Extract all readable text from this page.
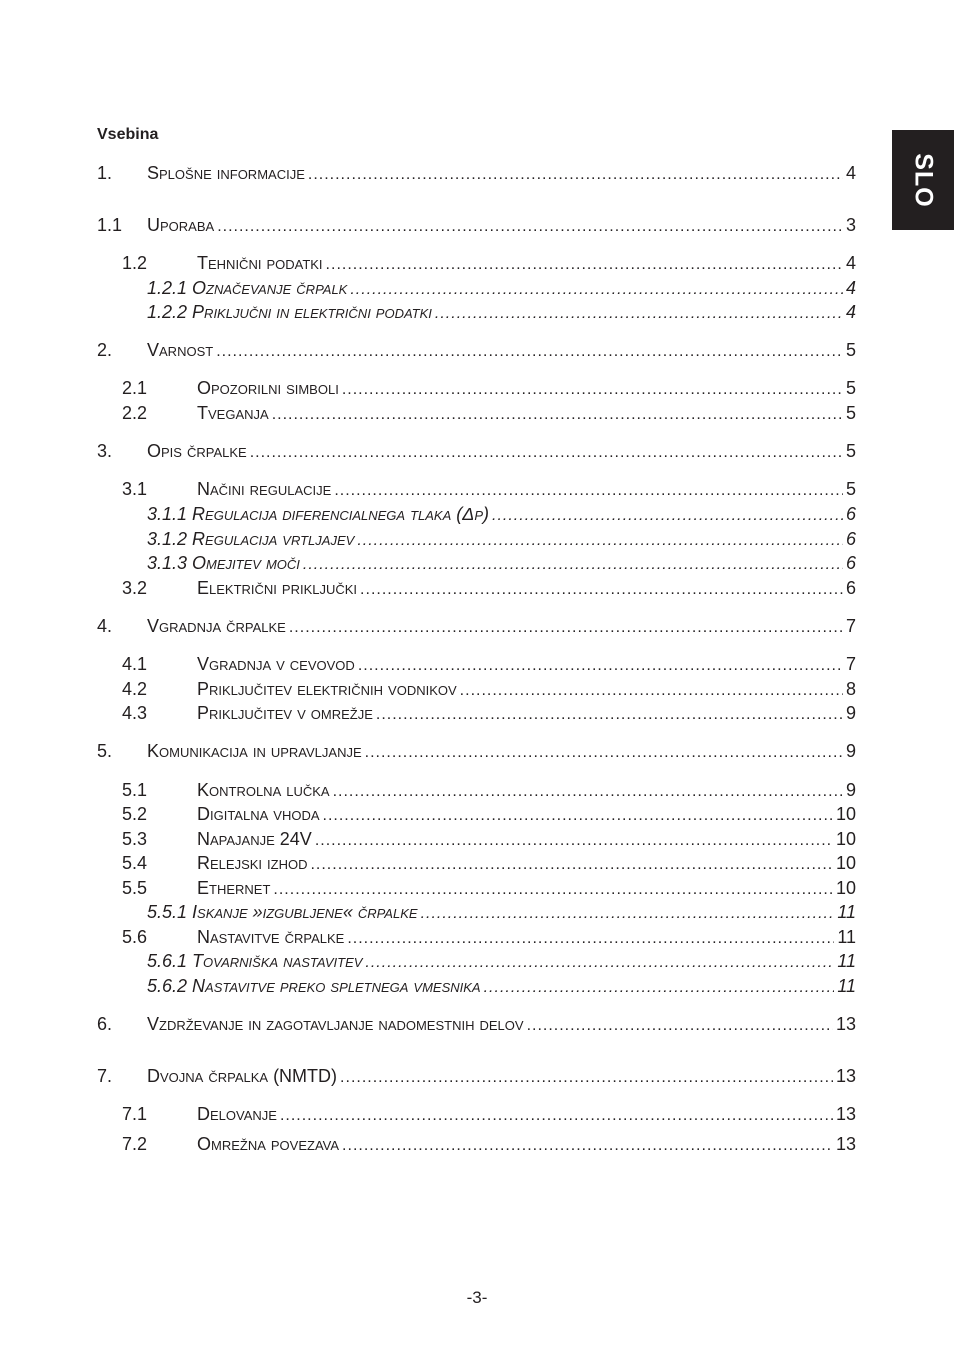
SLO
Vsebina
1.	Splošne informacije .....	4
1.1	Uporaba .....	3
1.2	Tehnični podatki .....	4
1.2.1 Označevanje črpalk .....	4
1.2.2 Priključni in električni podatki .....	4
2.	Varnost .....	5
2.1	Opozorilni simboli .....	5
2.2	Tveganja .....	5
3.	Opis črpalke .....	5
3.1	Načini regulacije .....	5
3.1.1 Regulacija diferencialnega tlaka (Δp) .....	6
3.1.2 Regulacija vrtljajev .....	6
3.1.3 Omejitev moči .....	6
3.2	Električni priključki .....	6
4.	Vgradnja črpalke .....	7
4.1	Vgradnja v cevovod .....	7
4.2	Priključitev električnih vodnikov .....	8
4.3	Priključitev v omrežje .....	9
5.	Komunikacija in upravljanje .....	9
5.1	Kontrolna lučka .....	9
5.2	Digitalna vhoda .....	10
5.3	Napajanje 24V .....	10
5.4	Relejski izhod .....	10
5.5	Ethernet .....	10
5.5.1 Iskanje »izgubljene« črpalke .....	11
5.6	Nastavitve črpalke .....	11
5.6.1 Tovarniška nastavitev .....	11
5.6.2 Nastavitve preko spletnega vmesnika .....	11
6.	Vzdrževanje in zagotavljanje nadomestnih delov .....	13
7.	Dvojna črpalka (NMTD) .....	13
7.1	Delovanje .....	13
7.2	Omrežna povezava .....	13
-3-
